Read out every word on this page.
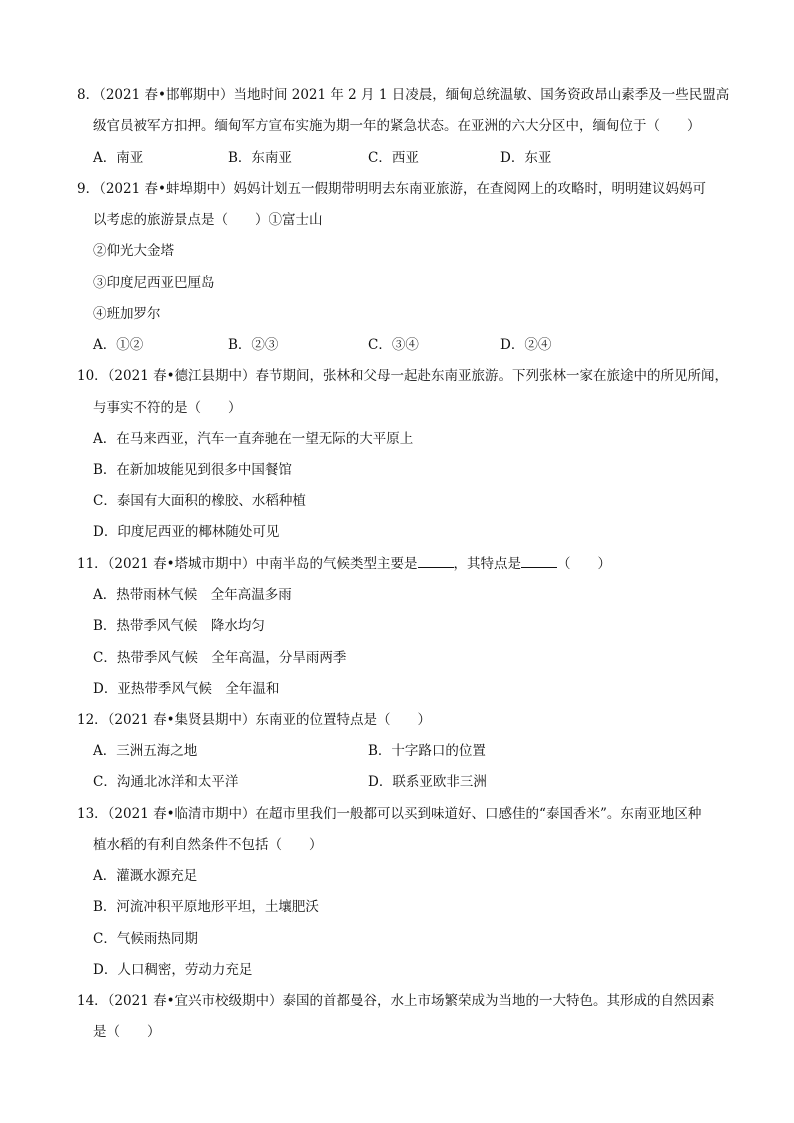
8．（2021 春•邯郸期中）当地时间 2021 年 2 月 1 日凌晨，缅甸总统温敏、国务资政昂山素季及一些民盟高
级官员被军方扣押。缅甸军方宣布实施为期一年的紧急状态。在亚洲的六大分区中，缅甸位于（　　）
A．南亚	B．东南亚	C．西亚	D．东亚
9．（2021 春•蚌埠期中）妈妈计划五一假期带明明去东南亚旅游，在查阅网上的攻略时，明明建议妈妈可
以考虑的旅游景点是（　　）①富士山
②仰光大金塔
③印度尼西亚巴厘岛
④班加罗尔
A．①②	B．②③	C．③④	D．②④
10．（2021 春•德江县期中）春节期间，张林和父母一起赴东南亚旅游。下列张林一家在旅途中的所见所闻，
与事实不符的是（　　）
A．在马来西亚，汽车一直奔驰在一望无际的大平原上
B．在新加坡能见到很多中国餐馆
C．泰国有大面积的橡胶、水稻种植
D．印度尼西亚的椰林随处可见
11．（2021 春•塔城市期中）中南半岛的气候类型主要是	，其特点是	（　　）
A．热带雨林气候　全年高温多雨
B．热带季风气候　降水均匀
C．热带季风气候　全年高温，分旱雨两季
D．亚热带季风气候　全年温和
12．（2021 春•集贤县期中）东南亚的位置特点是（　　）
A．三洲五海之地	B．十字路口的位置
C．沟通北冰洋和太平洋	D．联系亚欧非三洲
13．（2021 春•临清市期中）在超市里我们一般都可以买到味道好、口感佳的“泰国香米”。东南亚地区种
植水稻的有利自然条件不包括（　　）
A．灌溉水源充足
B．河流冲积平原地形平坦，土壤肥沃
C．气候雨热同期
D．人口稠密，劳动力充足
14．（2021 春•宜兴市校级期中）泰国的首都曼谷，水上市场繁荣成为当地的一大特色。其形成的自然因素
是（　　）
